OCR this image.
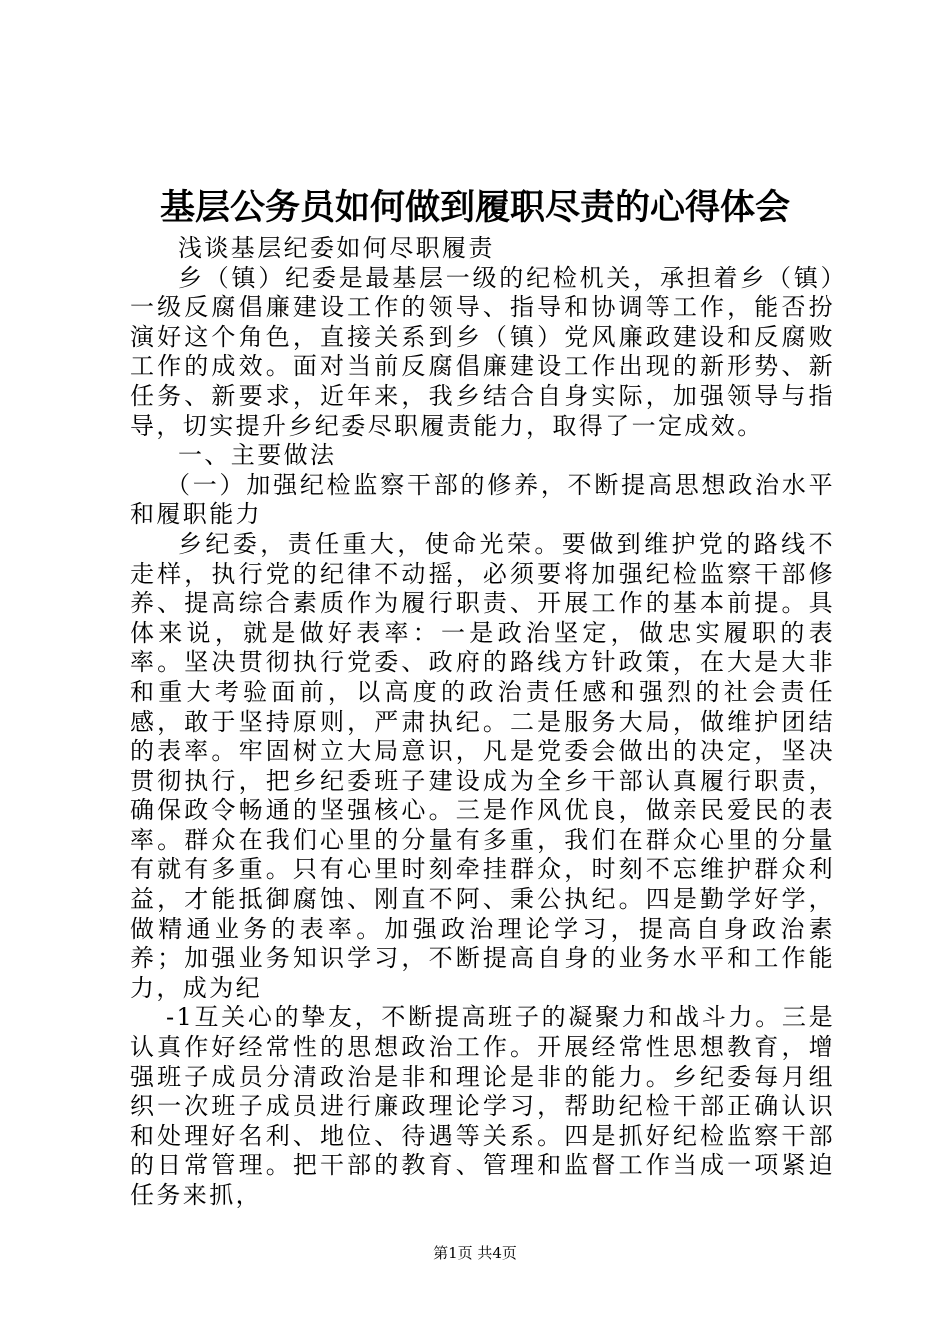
基层公务员如何做到履职尽责的心得体会

浅谈基层纪委如何尽职履责

乡（镇）纪委是最基层一级的纪检机关，承担着乡（镇）一级反腐倡廉建设工作的领导、指导和协调等工作，能否扮演好这个角色，直接关系到乡（镇）党风廉政建设和反腐败工作的成效。面对当前反腐倡廉建设工作出现的新形势、新任务、新要求，近年来，我乡结合自身实际，加强领导与指导，切实提升乡纪委尽职履责能力，取得了一定成效。

一、主要做法

（一）加强纪检监察干部的修养，不断提高思想政治水平和履职能力

乡纪委，责任重大，使命光荣。要做到维护党的路线不走样，执行党的纪律不动摇，必须要将加强纪检监察干部修养、提高综合素质作为履行职责、开展工作的基本前提。具体来说，就是做好表率：一是政治坚定，做忠实履职的表率。坚决贯彻执行党委、政府的路线方针政策，在大是大非和重大考验面前，以高度的政治责任感和强烈的社会责任感，敢于坚持原则，严肃执纪。二是服务大局，做维护团结的表率。牢固树立大局意识，凡是党委会做出的决定，坚决贯彻执行，把乡纪委班子建设成为全乡干部认真履行职责，确保政令畅通的坚强核心。三是作风优良，做亲民爱民的表率。群众在我们心里的分量有多重，我们在群众心里的分量有就有多重。只有心里时刻牵挂群众，时刻不忘维护群众利益，才能抵御腐蚀、刚直不阿、秉公执纪。四是勤学好学，做精通业务的表率。加强政治理论学习，提高自身政治素养；加强业务知识学习，不断提高自身的业务水平和工作能力，成为纪

-1互关心的挚友，不断提高班子的凝聚力和战斗力。三是认真作好经常性的思想政治工作。开展经常性思想教育，增强班子成员分清政治是非和理论是非的能力。乡纪委每月组织一次班子成员进行廉政理论学习，帮助纪检干部正确认识和处理好名利、地位、待遇等关系。四是抓好纪检监察干部的日常管理。把干部的教育、管理和监督工作当成一项紧迫任务来抓，

第1页 共4页
